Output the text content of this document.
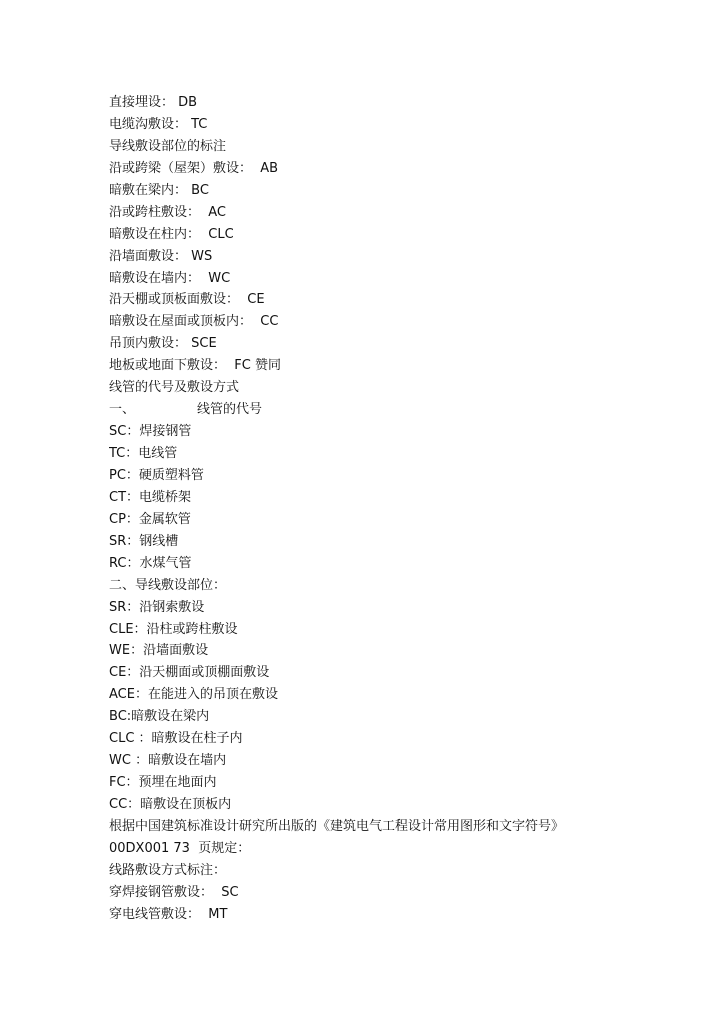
直接埋设： DB
电缆沟敷设： TC
导线敷设部位的标注
沿或跨梁（屋架）敷设：  AB
暗敷在梁内： BC
沿或跨柱敷设：  AC
暗敷设在柱内：  CLC
沿墙面敷设： WS
暗敷设在墙内：  WC
沿天棚或顶板面敷设：  CE
暗敷设在屋面或顶板内：  CC
吊顶内敷设： SCE
地板或地面下敷设：  FC 赞同
线管的代号及敷设方式
一、               线管的代号
SC：焊接钢管
TC：电线管
PC：硬质塑料管
CT：电缆桥架
CP：金属软管
SR：钢线槽
RC：水煤气管
二、导线敷设部位：
SR：沿钢索敷设
CLE：沿柱或跨柱敷设
WE：沿墙面敷设
CE：沿天棚面或顶棚面敷设
ACE：在能进入的吊顶在敷设
BC:暗敷设在梁内
CLC ：暗敷设在柱子内
WC ：暗敷设在墙内
FC：预埋在地面内
CC：暗敷设在顶板内
根据中国建筑标准设计研究所出版的《建筑电气工程设计常用图形和文字符号》
00DX001 73  页规定：
线路敷设方式标注：
穿焊接钢管敷设：  SC
穿电线管敷设：  MT
